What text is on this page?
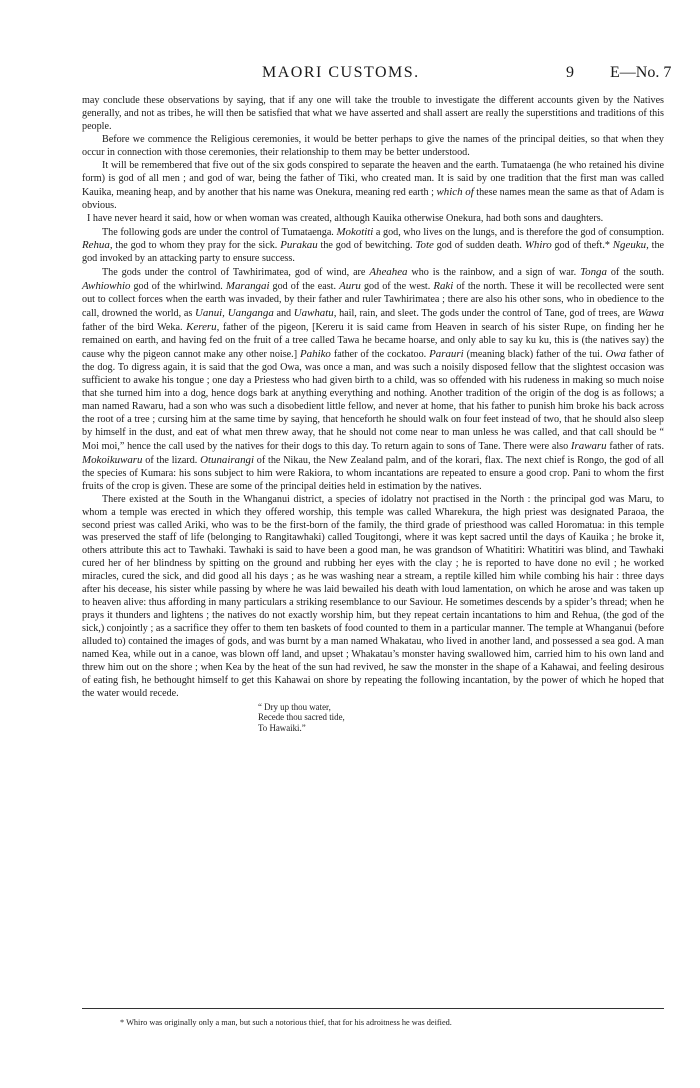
MAORI CUSTOMS.	9 E—No. 7

may conclude these observations by saying, that if any one will take the trouble to investigate the different accounts given by the Natives generally, and not as tribes, he will then be satisfied that what we have asserted and shall assert are really the superstitions and traditions of this people.

Before we commence the Religious ceremonies, it would be better perhaps to give the names of the principal deities, so that when they occur in connection with those ceremonies, their relationship to them may be better understood.

It will be remembered that five out of the six gods conspired to separate the heaven and the earth. Tumataenga (he who retained his divine form) is god of all men ; and god of war, being the father of Tiki, who created man. It is said by one tradition that the first man was called Kauika, meaning heap, and by another that his name was Onekura, meaning red earth ; which of these names mean the same as that of Adam is obvious.

I have never heard it said, how or when woman was created, although Kauika otherwise Onekura, had both sons and daughters.

The following gods are under the control of Tumataenga. Mokotiti a god, who lives on the lungs, and is therefore the god of consumption. Rehua, the god to whom they pray for the sick. Purakau the god of bewitching. Tote god of sudden death. Whiro god of theft.* Ngeuku, the god invoked by an attacking party to ensure success.

The gods under the control of Tawhirimatea, god of wind, are Aheahea who is the rainbow, and a sign of war. Tonga of the south. Awhiowhio god of the whirlwind. Marangai god of the east. Auru god of the west. Raki of the north. These it will be recollected were sent out to collect forces when the earth was invaded, by their father and ruler Tawhirimatea ; there are also his other sons, who in obedience to the call, drowned the world, as Uanui, Uanganga and Uawhatu, hail, rain, and sleet. The gods under the control of Tane, god of trees, are Wawa father of the bird Weka. Kereru, father of the pigeon, [Kereru it is said came from Heaven in search of his sister Rupe, on finding her he remained on earth, and having fed on the fruit of a tree called Tawa he became hoarse, and only able to say ku ku, this is (the natives say) the cause why the pigeon cannot make any other noise.] Pahiko father of the cockatoo. Parauri (meaning black) father of the tui. Owa father of the dog. To digress again, it is said that the god Owa, was once a man, and was such a noisily disposed fellow that the slightest occasion was sufficient to awake his tongue ; one day a Priestess who had given birth to a child, was so offended with his rudeness in making so much noise that she turned him into a dog, hence dogs bark at anything everything and nothing. Another tradition of the origin of the dog is as follows; a man named Rawaru, had a son who was such a disobedient little fellow, and never at home, that his father to punish him broke his back across the root of a tree ; cursing him at the same time by saying, that henceforth he should walk on four feet instead of two, that he should also sleep by himself in the dust, and eat of what men threw away, that he should not come near to man unless he was called, and that call should be “ Moi moi,” hence the call used by the natives for their dogs to this day. To return again to sons of Tane. There were also Irawaru father of rats. Mokoikuwaru of the lizard. Otunairangi of the Nikau, the New Zealand palm, and of the korari, flax. The next chief is Rongo, the god of all the species of Kumara: his sons subject to him were Rakiora, to whom incantations are repeated to ensure a good crop. Pani to whom the first fruits of the crop is given. These are some of the principal deities held in estimation by the natives.

There existed at the South in the Whanganui district, a species of idolatry not practised in the North : the principal god was Maru, to whom a temple was erected in which they offered worship, this temple was called Wharekura, the high priest was designated Paraoa, the second priest was called Ariki, who was to be the first-born of the family, the third grade of priesthood was called Horomatua: in this temple was preserved the staff of life (belonging to Rangitawhaki) called Tougitongi, where it was kept sacred until the days of Kauika ; he broke it, others attribute this act to Tawhaki. Tawhaki is said to have been a good man, he was grandson of Whatitiri: Whatitiri was blind, and Tawhaki cured her of her blindness by spitting on the ground and rubbing her eyes with the clay ; he is reported to have done no evil ; he worked miracles, cured the sick, and did good all his days ; as he was washing near a stream, a reptile killed him while combing his hair : three days after his decease, his sister while passing by where he was laid bewailed his death with loud lamentation, on which he arose and was taken up to heaven alive: thus affording in many particulars a striking resemblance to our Saviour. He sometimes descends by a spider’s thread; when he prays it thunders and lightens ; the natives do not exactly worship him, but they repeat certain incantations to him and Rehua, (the god of the sick,) conjointly ; as a sacrifice they offer to them ten baskets of food counted to them in a particular manner. The temple at Whanganui (before alluded to) contained the images of gods, and was burnt by a man named Whakatau, who lived in another land, and possessed a sea god. A man named Kea, while out in a canoe, was blown off land, and upset ; Whakatau’s monster having swallowed him, carried him to his own land and threw him out on the shore ; when Kea by the heat of the sun had revived, he saw the monster in the shape of a Kahawai, and feeling desirous of eating fish, he bethought himself to get this Kahawai on shore by repeating the following incantation, by the power of which he hoped that the water would recede.

“ Dry up thou water,
Recede thou sacred tide,
To Hawaiki.”
* Whiro was originally only a man, but such a notorious thief, that for his adroitness he was deified.
